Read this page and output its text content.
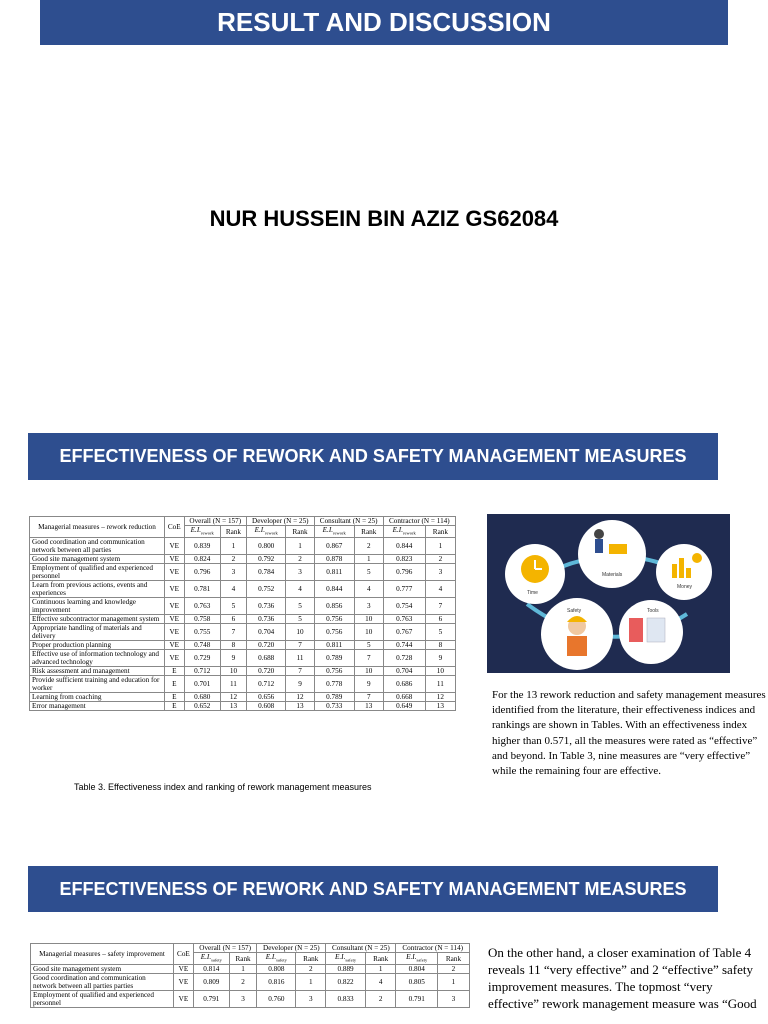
RESULT AND DISCUSSION
NUR HUSSEIN BIN AZIZ GS62084
EFFECTIVENESS OF REWORK AND SAFETY MANAGEMENT MEASURES
Managerial measures – rework reduction	CoE	Overall (N = 157)		Developer (N = 25)		Consultant (N = 25)		Contractor (N = 114)	
		$E.I._{rework}$	Rank	$E.I._{rework}$	Rank	$E.I._{rework}$	Rank	$E.I._{rework}$	Rank
Good coordination and communication network between all parties	VE	0.839	1	0.800	1	0.867	2	0.844	1
Good site management system	VE	0.824	2	0.792	2	0.878	1	0.823	2
Employment of qualified and experienced personnel	VE	0.796	3	0.784	3	0.811	5	0.796	3
Learn from previous actions, events and experiences	VE	0.781	4	0.752	4	0.844	4	0.777	4
Continuous learning and knowledge improvement	VE	0.763	5	0.736	5	0.856	3	0.754	7
Effective subcontractor management system	VE	0.758	6	0.736	5	0.756	10	0.763	6
Appropriate handling of materials and delivery	VE	0.755	7	0.704	10	0.756	10	0.767	5
Proper production planning	VE	0.748	8	0.720	7	0.811	5	0.744	8
Effective use of information technology and advanced technology	VE	0.729	9	0.688	11	0.789	7	0.728	9
Risk assessment and management	E	0.712	10	0.720	7	0.756	10	0.704	10
Provide sufficient training and education for worker	E	0.701	11	0.712	9	0.778	9	0.686	11
Learning from coaching	E	0.680	12	0.656	12	0.789	7	0.668	12
Error management	E	0.652	13	0.608	13	0.733	13	0.649	13
Table 3. Effectiveness index and ranking of rework management measures
Time
Materials
Money
Safety	Tools

For the 13 rework reduction and safety management measures identified from the literature, their effectiveness indices and rankings are shown in Tables. With an effectiveness index higher than 0.571, all the measures were rated as “effective” and beyond. In Table 3, nine measures are “very effective” while the remaining four are effective.

EFFECTIVENESS OF REWORK AND SAFETY MANAGEMENT MEASURES
Managerial measures – safety improvement	CoE	Overall (N = 157)		Developer (N = 25)		Consultant (N = 25)		Contractor (N = 114)	
		$E.I._{safety}$	Rank	$E.I._{safety}$	Rank	$E.I._{safety}$	Rank	$E.I._{safety}$	Rank
Good site management system	VE	0.814	1	0.808	2	0.889	1	0.804	2
Good coordination and communication network between all parties parties	VE	0.809	2	0.816	1	0.822	4	0.805	1
Employment of qualified and experienced personnel	VE	0.791	3	0.760	3	0.833	2	0.791	3

On the other hand, a closer examination of Table 4 reveals 11 “very effective” and 2 “effective” safety improvement measures. The topmost “very effective” rework management measure was “Good
